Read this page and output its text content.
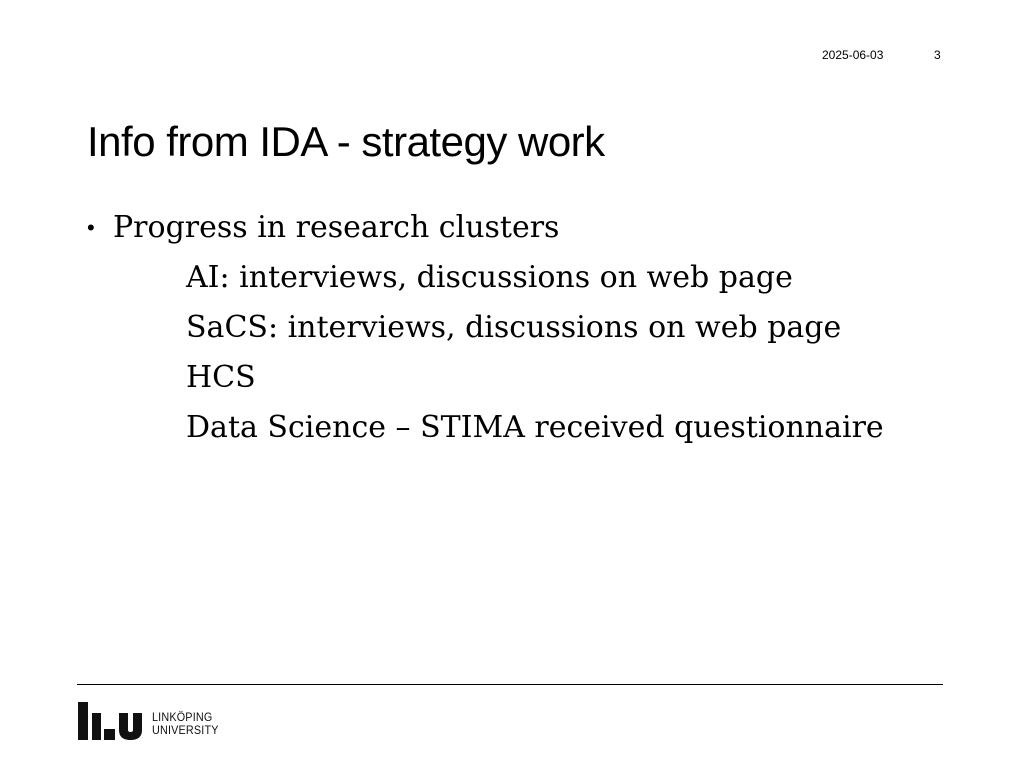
2025-06-03	3
Info from IDA - strategy work
• Progress in research clusters
AI: interviews, discussions on web page
SaCS: interviews, discussions on web page
HCS
Data Science – STIMA received questionnaire
LINKÖPING
UNIVERSITY
